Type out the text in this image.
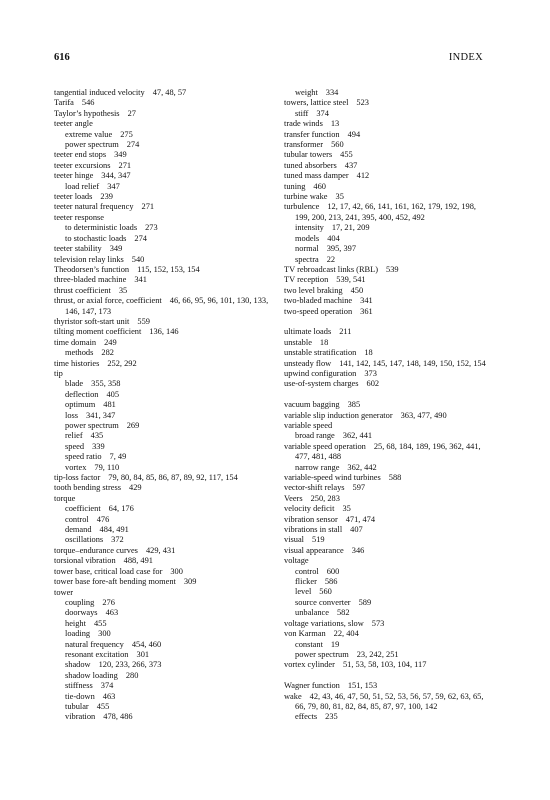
616	INDEX
tangential induced velocity 47, 48, 57
Tarifa 546
Taylor’s hypothesis 27
teeter angle
extreme value 275
power spectrum 274
teeter end stops 349
teeter excursions 271
teeter hinge 344, 347
load relief 347
teeter loads 239
teeter natural frequency 271
teeter response
to deterministic loads 273
to stochastic loads 274
teeter stability 349
television relay links 540
Theodorsen’s function 115, 152, 153, 154
three-bladed machine 341
thrust coefficient 35
thrust, or axial force, coefficient 46, 66, 95, 96, 101, 130, 133, 146, 147, 173
thyristor soft-start unit 559
tilting moment coefficient 136, 146
time domain 249
methods 282
time histories 252, 292
tip
blade 355, 358
deflection 405
optimum 481
loss 341, 347
power spectrum 269
relief 435
speed 339
speed ratio 7, 49
vortex 79, 110
tip-loss factor 79, 80, 84, 85, 86, 87, 89, 92, 117, 154
tooth bending stress 429
torque
coefficient 64, 176
control 476
demand 484, 491
oscillations 372
torque–endurance curves 429, 431
torsional vibration 488, 491
tower base, critical load case for 300
tower base fore-aft bending moment 309
tower
coupling 276
doorways 463
height 455
loading 300
natural frequency 454, 460
resonant excitation 301
shadow 120, 233, 266, 373
shadow loading 280
stiffness 374
tie-down 463
tubular 455
vibration 478, 486
weight 334
towers, lattice steel 523
stiff 374
trade winds 13
transfer function 494
transformer 560
tubular towers 455
tuned absorbers 437
tuned mass damper 412
tuning 460
turbine wake 35
turbulence 12, 17, 42, 66, 141, 161, 162, 179, 192, 198, 199, 200, 213, 241, 395, 400, 452, 492
intensity 17, 21, 209
models 404
normal 395, 397
spectra 22
TV rebroadcast links (RBL) 539
TV reception 539, 541
two level braking 450
two-bladed machine 341
two-speed operation 361
ultimate loads 211
unstable 18
unstable stratification 18
unsteady flow 141, 142, 145, 147, 148, 149, 150, 152, 154
upwind configuration 373
use-of-system charges 602
vacuum bagging 385
variable slip induction generator 363, 477, 490
variable speed
broad range 362, 441
variable speed operation 25, 68, 184, 189, 196, 362, 441, 477, 481, 488
narrow range 362, 442
variable-speed wind turbines 588
vector-shift relays 597
Veers 250, 283
velocity deficit 35
vibration sensor 471, 474
vibrations in stall 407
visual 519
visual appearance 346
voltage
control 600
flicker 586
level 560
source converter 589
unbalance 582
voltage variations, slow 573
von Karman 22, 404
constant 19
power spectrum 23, 242, 251
vortex cylinder 51, 53, 58, 103, 104, 117
Wagner function 151, 153
wake 42, 43, 46, 47, 50, 51, 52, 53, 56, 57, 59, 62, 63, 65, 66, 79, 80, 81, 82, 84, 85, 87, 97, 100, 142
effects 235
